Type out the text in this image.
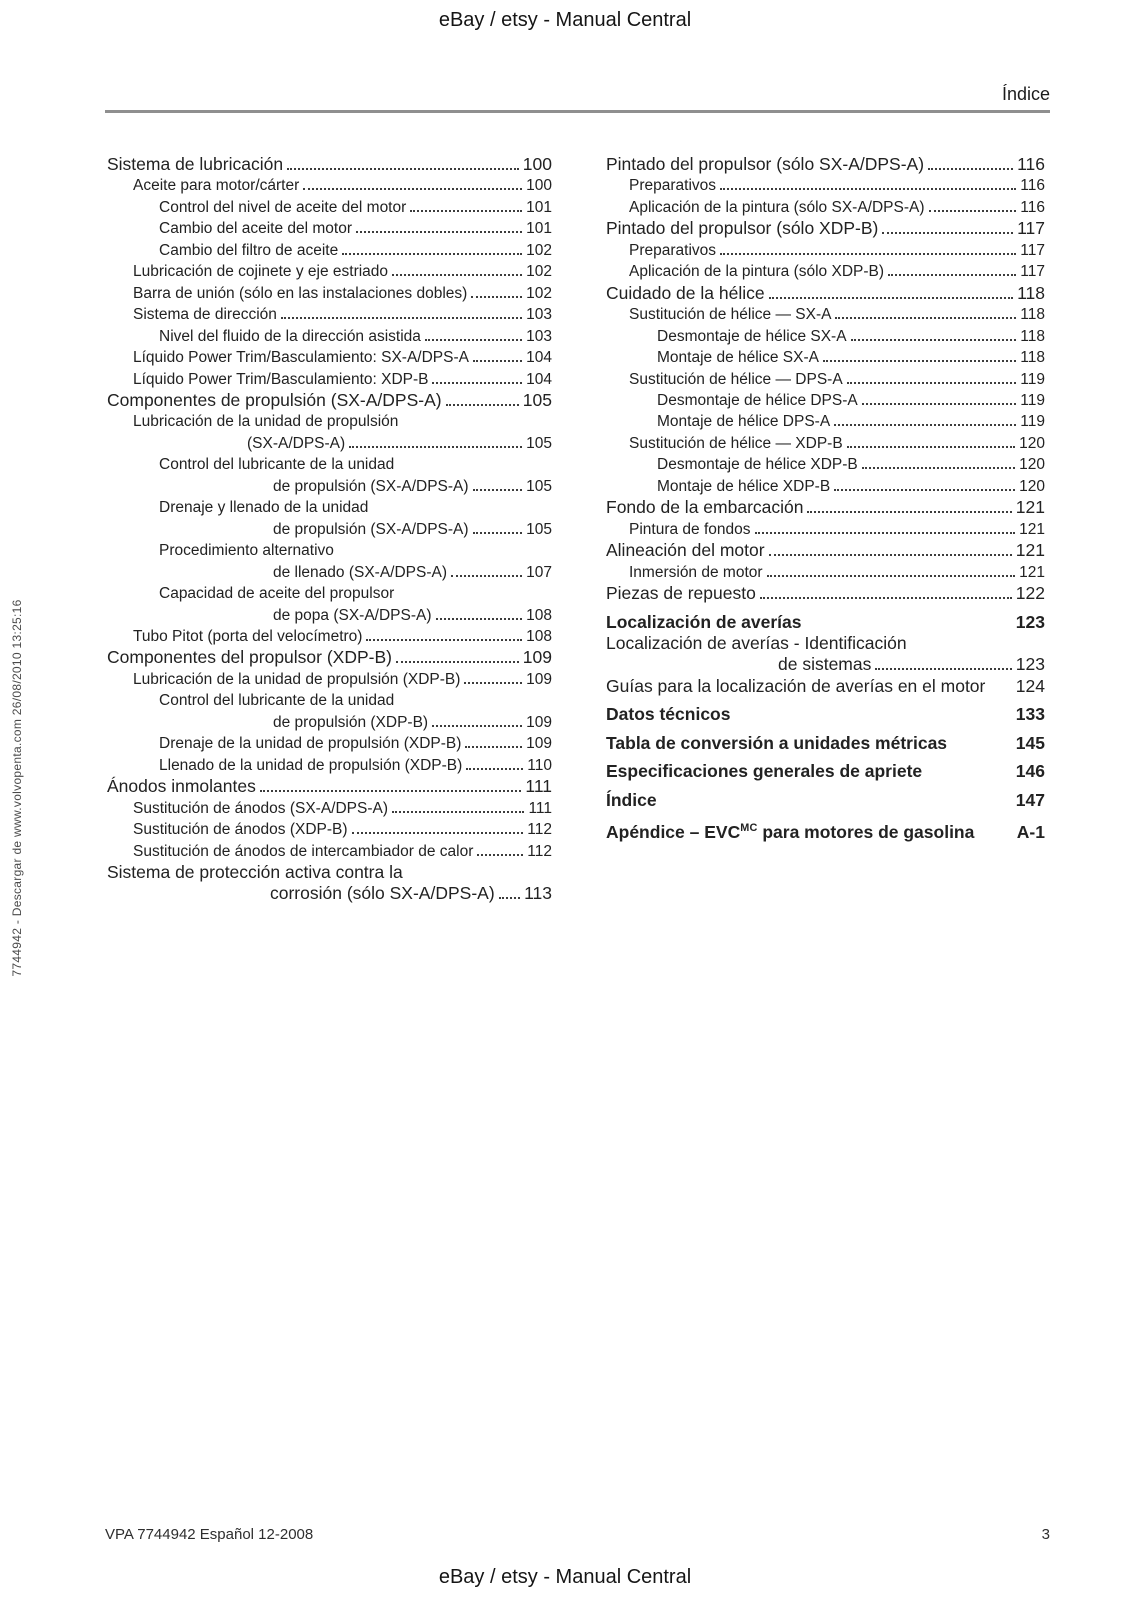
eBay / etsy - Manual Central
Índice
Sistema de lubricación	100
Aceite para motor/cárter	100
Control del nivel de aceite del motor	101
Cambio del aceite del motor	101
Cambio del filtro de aceite	102
Lubricación de cojinete y eje estriado	102
Barra de unión (sólo en las instalaciones dobles)	102
Sistema de dirección	103
Nivel del fluido de la dirección asistida	103
Líquido Power Trim/Basculamiento: SX-A/DPS-A	104
Líquido Power Trim/Basculamiento: XDP-B	104
Componentes de propulsión (SX-A/DPS-A)	105
Lubricación de la unidad de propulsión
(SX-A/DPS-A)	105
Control del lubricante de la unidad
de propulsión (SX-A/DPS-A)	105
Drenaje y llenado de la unidad
de propulsión (SX-A/DPS-A)	105
Procedimiento alternativo
de llenado (SX-A/DPS-A)	107
Capacidad de aceite del propulsor
de popa (SX-A/DPS-A)	108
Tubo Pitot (porta del velocímetro)	108
Componentes del propulsor (XDP-B)	109
Lubricación de la unidad de propulsión (XDP-B)	109
Control del lubricante de la unidad
de propulsión (XDP-B)	109
Drenaje de la unidad de propulsión (XDP-B)	109
Llenado de la unidad de propulsión (XDP-B)	110
Ánodos inmolantes	111
Sustitución de ánodos (SX-A/DPS-A)	111
Sustitución de ánodos (XDP-B)	112
Sustitución de ánodos de intercambiador de calor	112
Sistema de protección activa contra la
corrosión (sólo SX-A/DPS-A) 113
Pintado del propulsor (sólo SX-A/DPS-A)	116
Preparativos	116
Aplicación de la pintura (sólo SX-A/DPS-A)	116
Pintado del propulsor (sólo XDP-B)	117
Preparativos	117
Aplicación de la pintura (sólo XDP-B)	117
Cuidado de la hélice	118
Sustitución de hélice — SX-A	118
Desmontaje de hélice SX-A	118
Montaje de hélice SX-A	118
Sustitución de hélice — DPS-A	119
Desmontaje de hélice DPS-A	119
Montaje de hélice DPS-A	119
Sustitución de hélice — XDP-B	120
Desmontaje de hélice XDP-B	120
Montaje de hélice XDP-B	120
Fondo de la embarcación	121
Pintura de fondos	121
Alineación del motor	121
Inmersión de motor	121
Piezas de repuesto	122
Localización de averías	123
Localización de averías - Identificación
de sistemas	123
Guías para la localización de averías en el motor 124
Datos técnicos	133
Tabla de conversión a unidades métricas	145
Especificaciones generales de apriete	146
Índice	147
Apéndice – $EVC^{MC}$ para motores de gasolina A-1
7744942 - Descargar de www.volvopenta.com 26/08/2010 13:25:16
VPA 7744942 Español 12-2008	3
eBay / etsy - Manual Central
